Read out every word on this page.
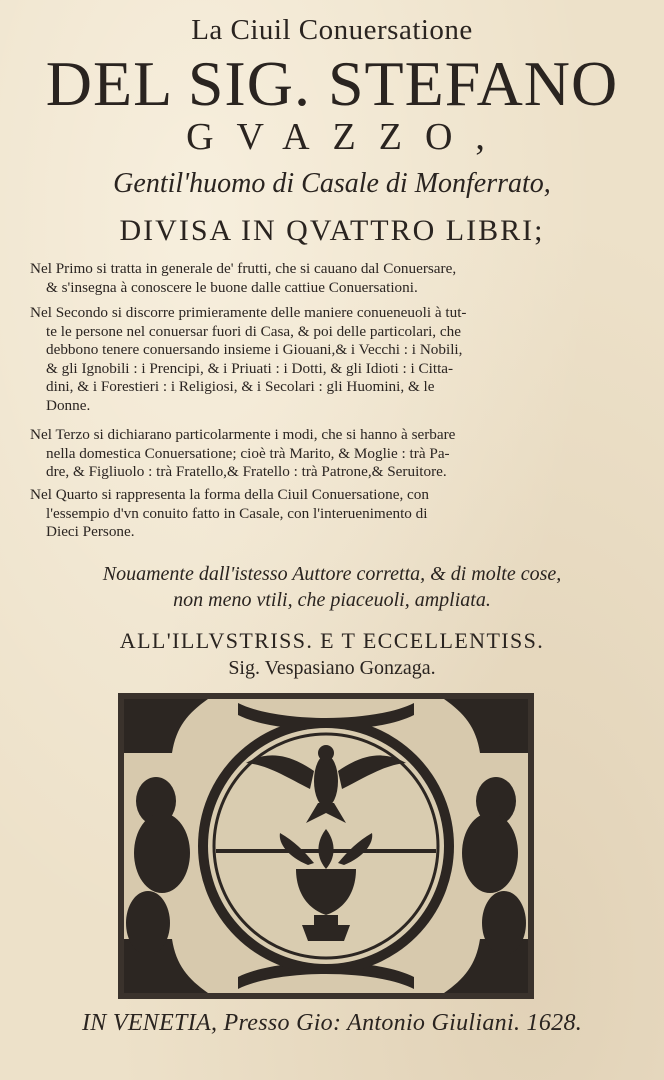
La Ciuil Conuersatione
DEL SIG. STEFANO
GVAZZO,
Gentil'huomo di Casale di Monferrato,
DIVISA IN QVATTRO LIBRI;
Nel Primo si tratta in generale de' frutti, che si cauano dal Conuersare,
& s'insegna à conoscere le buone dalle cattiue Conuersationi.
Nel Secondo si discorre primieramente delle maniere conueneuoli à tut-
te le persone nel conuersar fuori di Casa, & poi delle particolari, che
debbono tenere conuersando insieme i Giouani,& i Vecchi : i Nobili,
& gli Ignobili : i Prencipi, & i Priuati : i Dotti, & gli Idioti : i Citta-
dini, & i Forestieri : i Religiosi, & i Secolari : gli Huomini, & le
Donne.
Nel Terzo si dichiarano particolarmente i modi, che si hanno à serbare
nella domestica Conuersatione; cioè trà Marito, & Moglie : trà Pa-
dre, & Figliuolo : trà Fratello,& Fratello : trà Patrone,& Seruitore.
Nel Quarto si rappresenta la forma della Ciuil Conuersatione, con
l'essempio d'vn conuito fatto in Casale, con l'interuenimento di
Dieci Persone.
Nouamente dall'istesso Auttore corretta, & di molte cose,
non meno vtili, che piaceuoli, ampliata.
ALL'ILLVSTRISS. E T ECCELLENTISS.
Sig. Vespasiano Gonzaga.
IN VENETIA, Presso Gio: Antonio Giuliani. 1628.
